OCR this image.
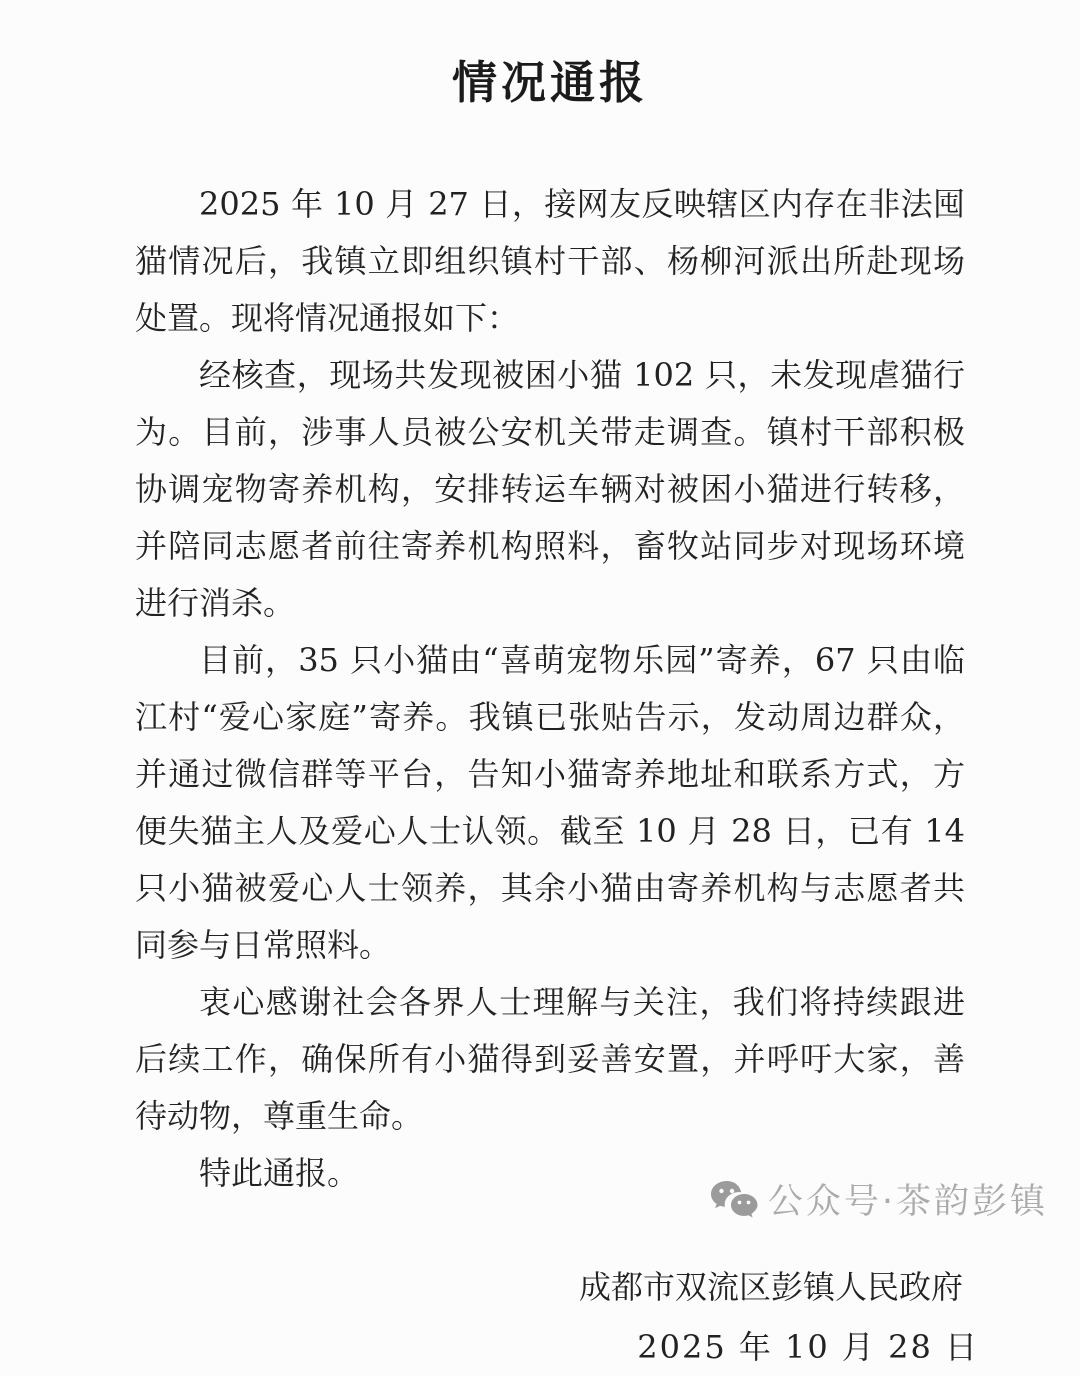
情况通报

2025 年 10 月 27 日，接网友反映辖区内存在非法囤猫情况后，我镇立即组织镇村干部、杨柳河派出所赴现场处置。现将情况通报如下：

经核查，现场共发现被困小猫 102 只，未发现虐猫行为。目前，涉事人员被公安机关带走调查。镇村干部积极协调宠物寄养机构，安排转运车辆对被困小猫进行转移，并陪同志愿者前往寄养机构照料，畜牧站同步对现场环境进行消杀。

目前，35 只小猫由“喜萌宠物乐园”寄养，67 只由临江村“爱心家庭”寄养。我镇已张贴告示，发动周边群众，并通过微信群等平台，告知小猫寄养地址和联系方式，方便失猫主人及爱心人士认领。截至 10 月 28 日，已有 14 只小猫被爱心人士领养，其余小猫由寄养机构与志愿者共同参与日常照料。

衷心感谢社会各界人士理解与关注，我们将持续跟进后续工作，确保所有小猫得到妥善安置，并呼吁大家，善待动物，尊重生命。

特此通报。

成都市双流区彭镇人民政府

2025 年 10 月 28 日

公众号·茶韵彭镇
